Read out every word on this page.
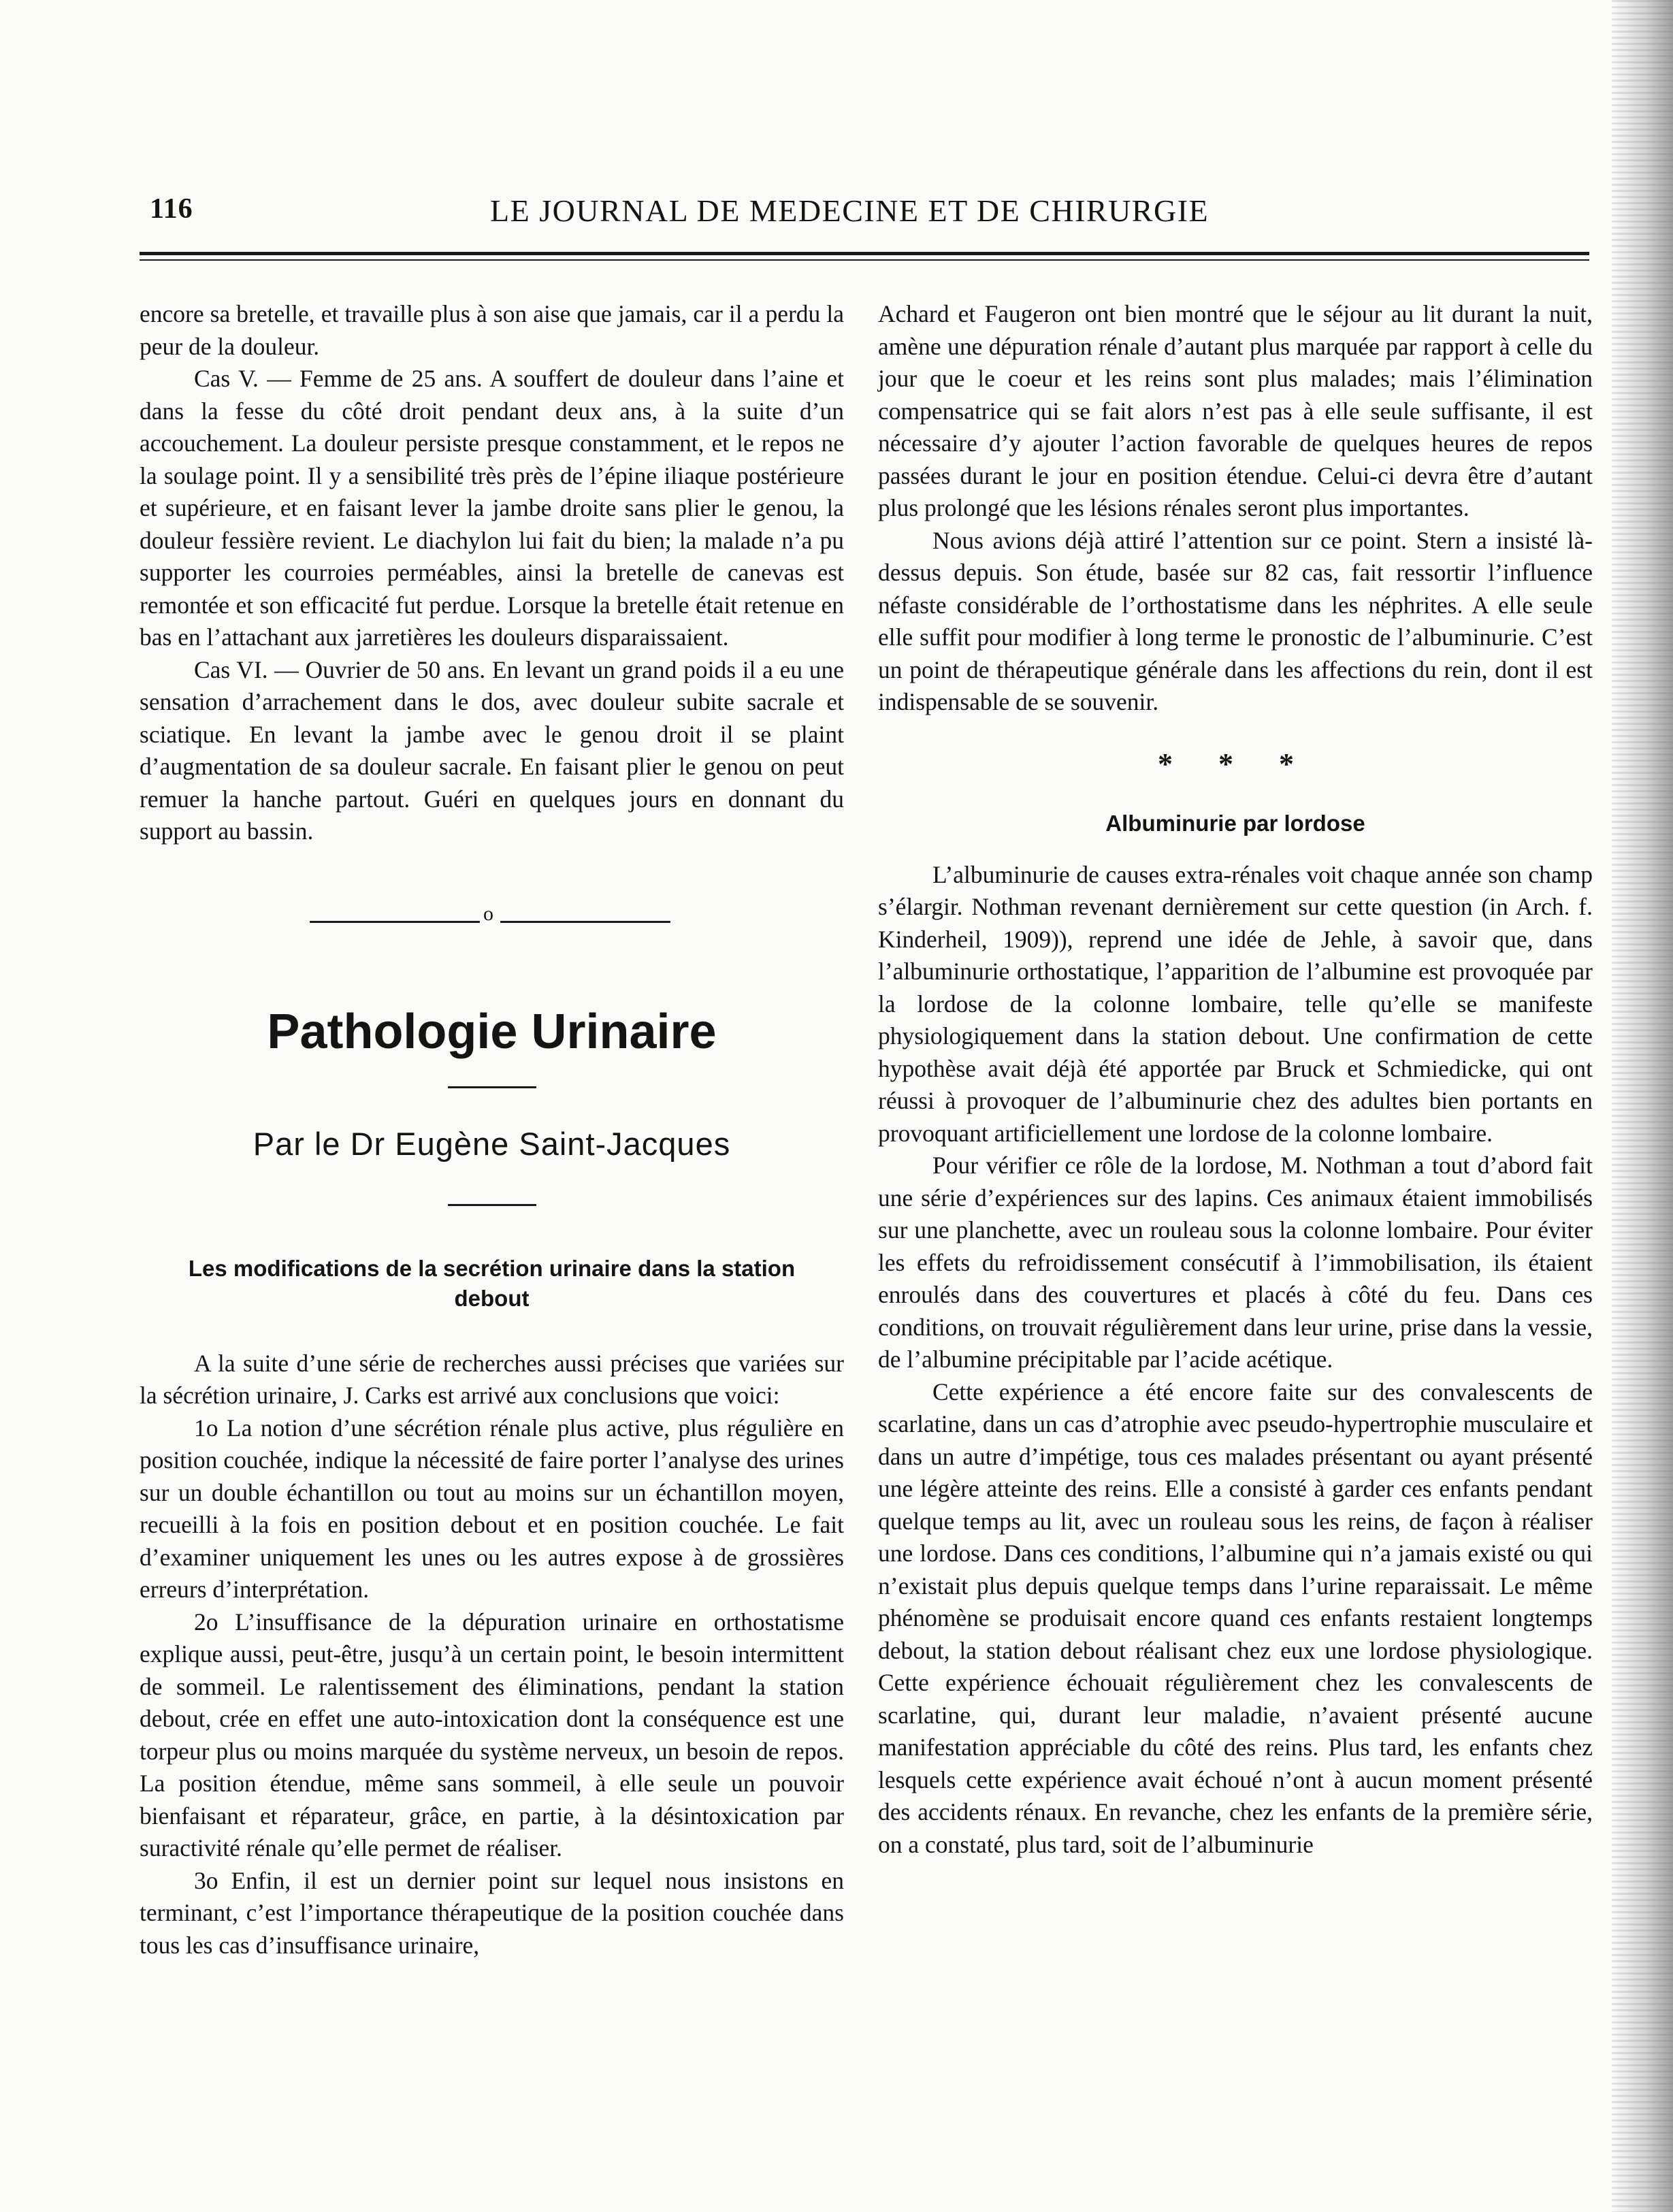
116	LE JOURNAL DE MEDECINE ET DE CHIRURGIE

encore sa bretelle, et travaille plus à son aise que jamais, car il a perdu la peur de la douleur.

Cas V. — Femme de 25 ans. A souffert de douleur dans l’aine et dans la fesse du côté droit pendant deux ans, à la suite d’un accouchement. La douleur persiste presque constamment, et le repos ne la soulage point. Il y a sensibilité très près de l’épine iliaque postérieure et supérieure, et en faisant lever la jambe droite sans plier le genou, la douleur fessière revient. Le diachylon lui fait du bien; la malade n’a pu supporter les courroies perméables, ainsi la bretelle de canevas est remontée et son efficacité fut perdue. Lorsque la bretelle était retenue en bas en l’attachant aux jarretières les douleurs disparaissaient.

Cas VI. — Ouvrier de 50 ans. En levant un grand poids il a eu une sensation d’arrachement dans le dos, avec douleur subite sacrale et sciatique. En levant la jambe avec le genou droit il se plaint d’augmentation de sa douleur sacrale. En faisant plier le genou on peut remuer la hanche partout. Guéri en quelques jours en donnant du support au bassin.

o
Pathologie Urinaire
Par le Dr Eugène Saint-Jacques
Les modifications de la secrétion urinaire dans la station debout

A la suite d’une série de recherches aussi précises que variées sur la sécrétion urinaire, J. Carks est arrivé aux conclusions que voici:

1o La notion d’une sécrétion rénale plus active, plus régulière en position couchée, indique la nécessité de faire porter l’analyse des urines sur un double échantillon ou tout au moins sur un échantillon moyen, recueilli à la fois en position debout et en position couchée. Le fait d’examiner uniquement les unes ou les autres expose à de grossières erreurs d’interprétation.

2o L’insuffisance de la dépuration urinaire en orthostatisme explique aussi, peut-être, jusqu’à un certain point, le besoin intermittent de sommeil. Le ralentissement des éliminations, pendant la station debout, crée en effet une auto-intoxication dont la conséquence est une torpeur plus ou moins marquée du système nerveux, un besoin de repos. La position étendue, même sans sommeil, à elle seule un pouvoir bienfaisant et réparateur, grâce, en partie, à la désintoxication par suractivité rénale qu’elle permet de réaliser.

3o Enfin, il est un dernier point sur lequel nous insistons en terminant, c’est l’importance thérapeutique de la position couchée dans tous les cas d’insuffisance urinaire,

Achard et Faugeron ont bien montré que le séjour au lit durant la nuit, amène une dépuration rénale d’autant plus marquée par rapport à celle du jour que le coeur et les reins sont plus malades; mais l’élimination compensatrice qui se fait alors n’est pas à elle seule suffisante, il est nécessaire d’y ajouter l’action favorable de quelques heures de repos passées durant le jour en position étendue. Celui-ci devra être d’autant plus prolongé que les lésions rénales seront plus importantes.

Nous avions déjà attiré l’attention sur ce point. Stern a insisté là-dessus depuis. Son étude, basée sur 82 cas, fait ressortir l’influence néfaste considérable de l’orthostatisme dans les néphrites. A elle seule elle suffit pour modifier à long terme le pronostic de l’albuminurie. C’est un point de thérapeutique générale dans les affections du rein, dont il est indispensable de se souvenir.

* * *
Albuminurie par lordose

L’albuminurie de causes extra-rénales voit chaque année son champ s’élargir. Nothman revenant dernièrement sur cette question (in Arch. f. Kinderheil, 1909)), reprend une idée de Jehle, à savoir que, dans l’albuminurie orthostatique, l’apparition de l’albumine est provoquée par la lordose de la colonne lombaire, telle qu’elle se manifeste physiologiquement dans la station debout. Une confirmation de cette hypothèse avait déjà été apportée par Bruck et Schmiedicke, qui ont réussi à provoquer de l’albuminurie chez des adultes bien portants en provoquant artificiellement une lordose de la colonne lombaire.

Pour vérifier ce rôle de la lordose, M. Nothman a tout d’abord fait une série d’expériences sur des lapins. Ces animaux étaient immobilisés sur une planchette, avec un rouleau sous la colonne lombaire. Pour éviter les effets du refroidissement consécutif à l’immobilisation, ils étaient enroulés dans des couvertures et placés à côté du feu. Dans ces conditions, on trouvait régulièrement dans leur urine, prise dans la vessie, de l’albumine précipitable par l’acide acétique.

Cette expérience a été encore faite sur des convalescents de scarlatine, dans un cas d’atrophie avec pseudo-hypertrophie musculaire et dans un autre d’impétige, tous ces malades présentant ou ayant présenté une légère atteinte des reins. Elle a consisté à garder ces enfants pendant quelque temps au lit, avec un rouleau sous les reins, de façon à réaliser une lordose. Dans ces conditions, l’albumine qui n’a jamais existé ou qui n’existait plus depuis quelque temps dans l’urine reparaissait. Le même phénomène se produisait encore quand ces enfants restaient longtemps debout, la station debout réalisant chez eux une lordose physiologique. Cette expérience échouait régulièrement chez les convalescents de scarlatine, qui, durant leur maladie, n’avaient présenté aucune manifestation appréciable du côté des reins. Plus tard, les enfants chez lesquels cette expérience avait échoué n’ont à aucun moment présenté des accidents rénaux. En revanche, chez les enfants de la première série, on a constaté, plus tard, soit de l’albuminurie
